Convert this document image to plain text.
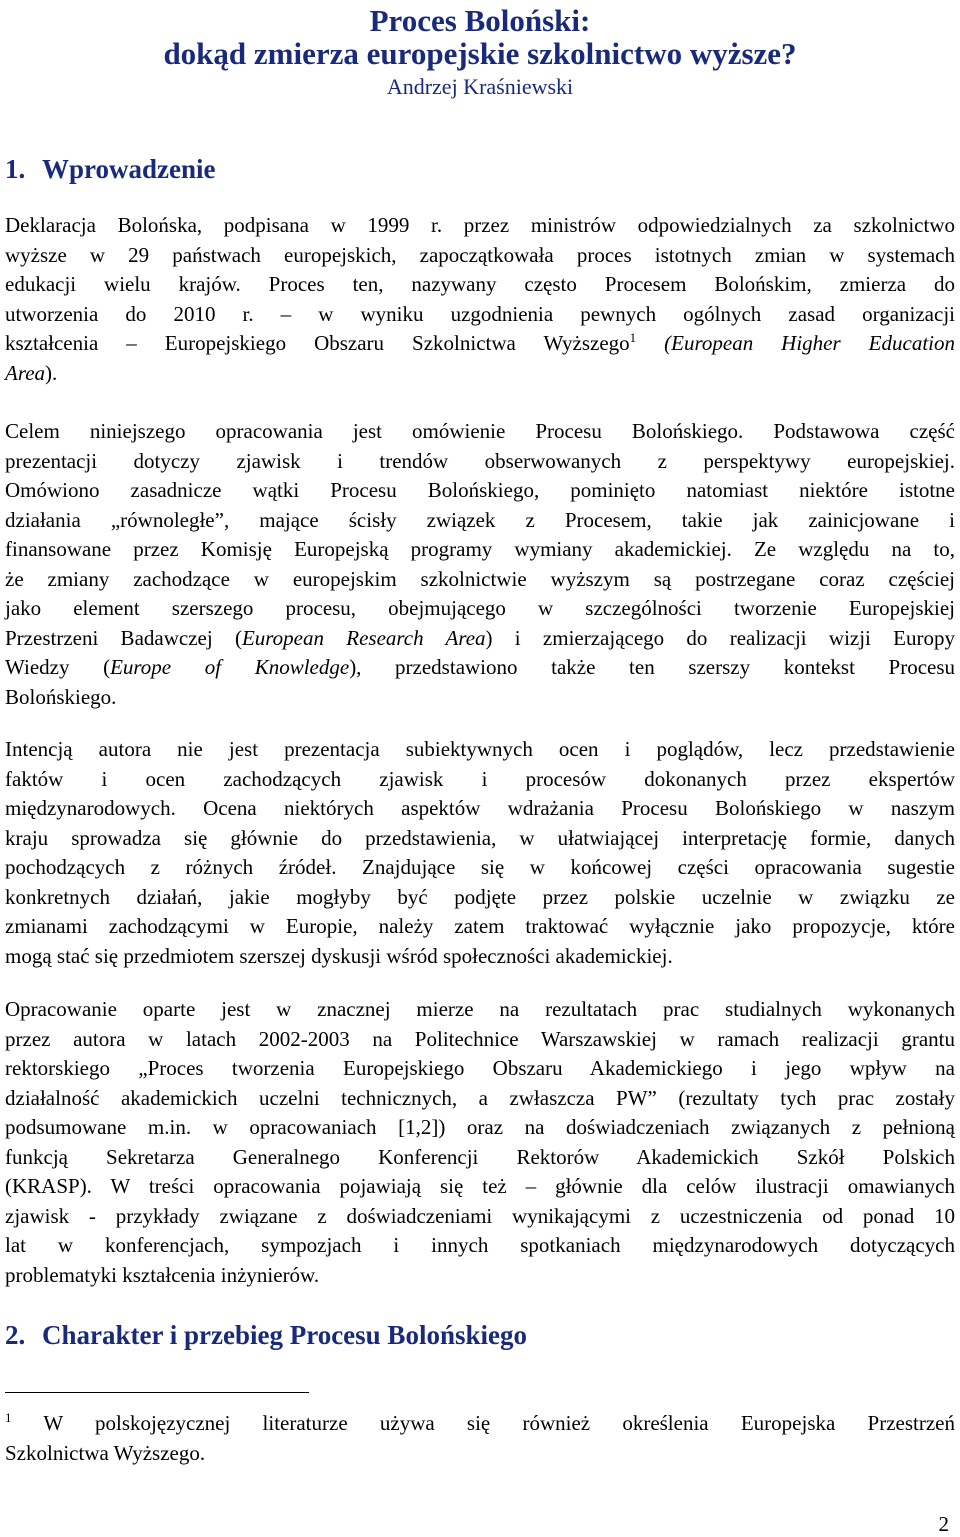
Proces Boloński:
dokąd zmierza europejskie szkolnictwo wyższe?
Andrzej Kraśniewski
1. Wprowadzenie
Deklaracja Bolońska, podpisana w 1999 r. przez ministrów odpowiedzialnych za szkolnictwo
wyższe w 29 państwach europejskich, zapoczątkowała proces istotnych zmian w systemach
edukacji wielu krajów. Proces ten, nazywany często Procesem Bolońskim, zmierza do
utworzenia do 2010 r. – w wyniku uzgodnienia pewnych ogólnych zasad organizacji
kształcenia – Europejskiego Obszaru Szkolnictwa Wyższego$^1$ (European Higher Education
Area).
Celem niniejszego opracowania jest omówienie Procesu Bolońskiego. Podstawowa część
prezentacji dotyczy zjawisk i trendów obserwowanych z perspektywy europejskiej.
Omówiono zasadnicze wątki Procesu Bolońskiego, pominięto natomiast niektóre istotne
działania „równoległe”, mające ścisły związek z Procesem, takie jak zainicjowane i
finansowane przez Komisję Europejską programy wymiany akademickiej. Ze względu na to,
że zmiany zachodzące w europejskim szkolnictwie wyższym są postrzegane coraz częściej
jako element szerszego procesu, obejmującego w szczególności tworzenie Europejskiej
Przestrzeni Badawczej (European Research Area) i zmierzającego do realizacji wizji Europy
Wiedzy (Europe of Knowledge), przedstawiono także ten szerszy kontekst Procesu
Bolońskiego.
Intencją autora nie jest prezentacja subiektywnych ocen i poglądów, lecz przedstawienie
faktów i ocen zachodzących zjawisk i procesów dokonanych przez ekspertów
międzynarodowych. Ocena niektórych aspektów wdrażania Procesu Bolońskiego w naszym
kraju sprowadza się głównie do przedstawienia, w ułatwiającej interpretację formie, danych
pochodzących z różnych źródeł. Znajdujące się w końcowej części opracowania sugestie
konkretnych działań, jakie mogłyby być podjęte przez polskie uczelnie w związku ze
zmianami zachodzącymi w Europie, należy zatem traktować wyłącznie jako propozycje, które
mogą stać się przedmiotem szerszej dyskusji wśród społeczności akademickiej.
Opracowanie oparte jest w znacznej mierze na rezultatach prac studialnych wykonanych
przez autora w latach 2002-2003 na Politechnice Warszawskiej w ramach realizacji grantu
rektorskiego „Proces tworzenia Europejskiego Obszaru Akademickiego i jego wpływ na
działalność akademickich uczelni technicznych, a zwłaszcza PW” (rezultaty tych prac zostały
podsumowane m.in. w opracowaniach [1,2]) oraz na doświadczeniach związanych z pełnioną
funkcją Sekretarza Generalnego Konferencji Rektorów Akademickich Szkół Polskich
(KRASP). W treści opracowania pojawiają się też – głównie dla celów ilustracji omawianych
zjawisk - przykłady związane z doświadczeniami wynikającymi z uczestniczenia od ponad 10
lat w konferencjach, sympozjach i innych spotkaniach międzynarodowych dotyczących
problematyki kształcenia inżynierów.
2. Charakter i przebieg Procesu Bolońskiego
$^1$ W polskojęzycznej literaturze używa się również określenia Europejska Przestrzeń
Szkolnictwa Wyższego.
2
